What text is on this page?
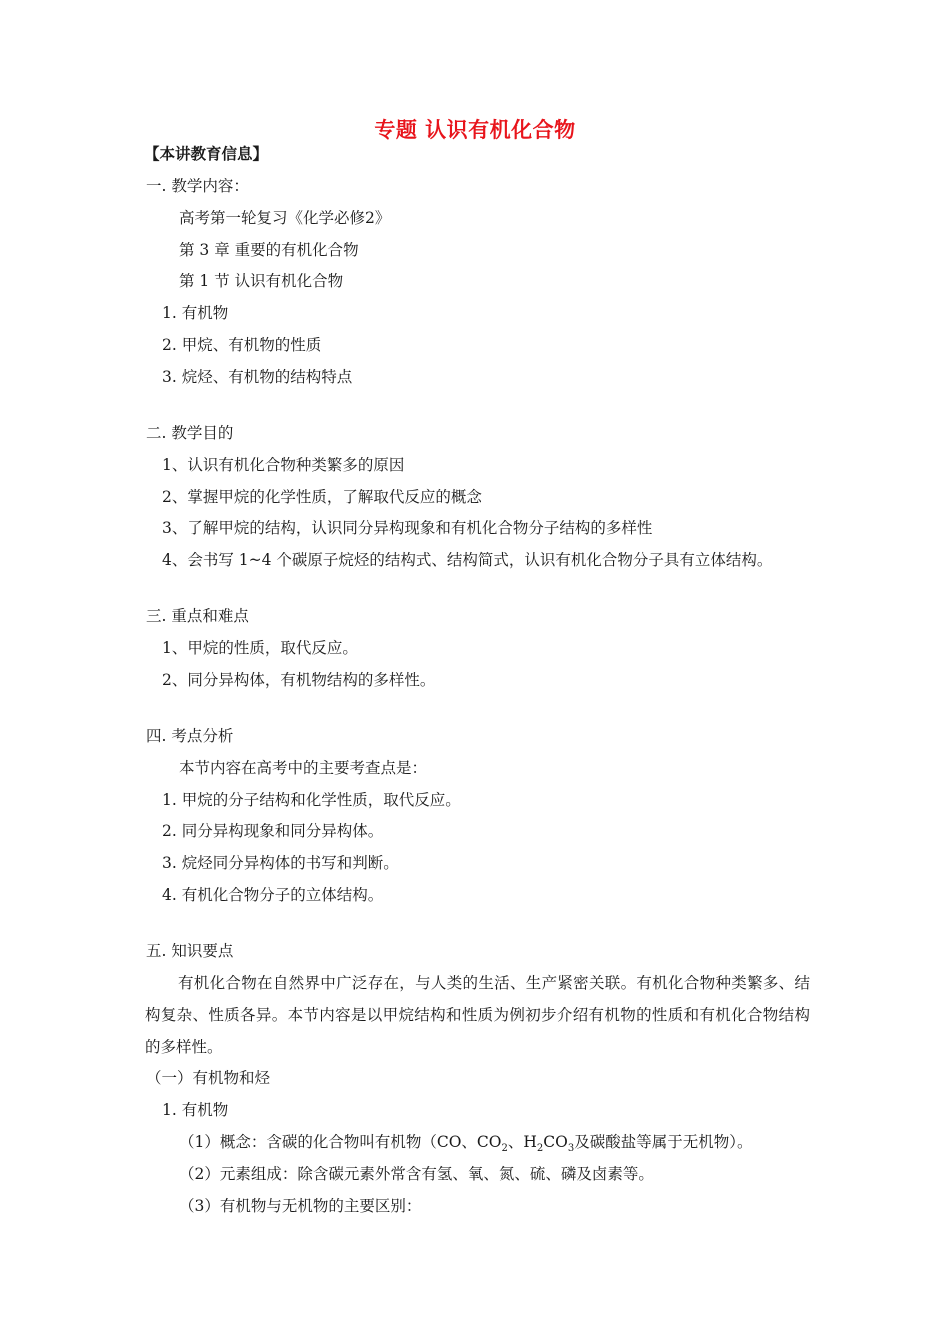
专题 认识有机化合物
【本讲教育信息】
一. 教学内容：
高考第一轮复习《化学必修2》
第 3 章 重要的有机化合物
第 1 节 认识有机化合物
1. 有机物
2. 甲烷、有机物的性质
3. 烷烃、有机物的结构特点
二. 教学目的
1、认识有机化合物种类繁多的原因
2、掌握甲烷的化学性质，了解取代反应的概念
3、了解甲烷的结构，认识同分异构现象和有机化合物分子结构的多样性
4、会书写 1~4 个碳原子烷烃的结构式、结构简式，认识有机化合物分子具有立体结构。
三. 重点和难点
1、甲烷的性质，取代反应。
2、同分异构体，有机物结构的多样性。
四. 考点分析
本节内容在高考中的主要考查点是：
1. 甲烷的分子结构和化学性质，取代反应。
2. 同分异构现象和同分异构体。
3. 烷烃同分异构体的书写和判断。
4. 有机化合物分子的立体结构。
五. 知识要点
有机化合物在自然界中广泛存在，与人类的生活、生产紧密关联。有机化合物种类繁多、结构复杂、性质各异。本节内容是以甲烷结构和性质为例初步介绍有机物的性质和有机化合物结构的多样性。
（一）有机物和烃
1. 有机物
（1）概念：含碳的化合物叫有机物（CO、$CO_2$、$H_2CO_3$及碳酸盐等属于无机物）。
（2）元素组成：除含碳元素外常含有氢、氧、氮、硫、磷及卤素等。
（3）有机物与无机物的主要区别：
